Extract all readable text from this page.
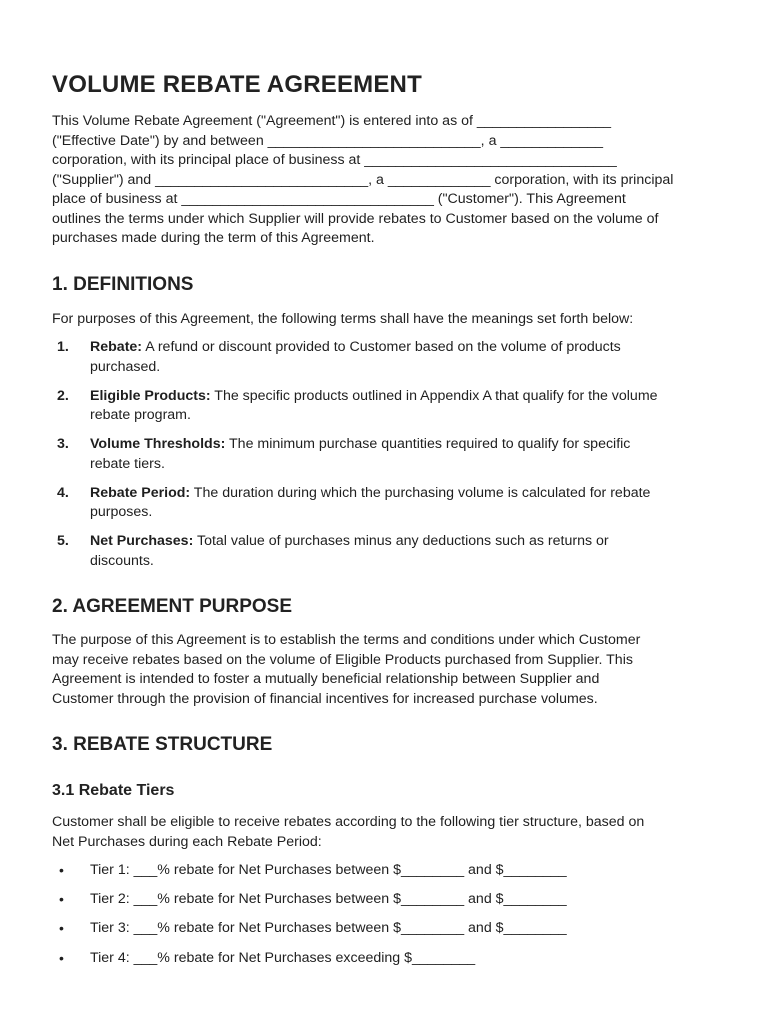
VOLUME REBATE AGREEMENT

This Volume Rebate Agreement ("Agreement") is entered into as of _________________
("Effective Date") by and between ___________________________, a _____________
corporation, with its principal place of business at ________________________________
("Supplier") and ___________________________, a _____________ corporation, with its principal
place of business at ________________________________ ("Customer"). This Agreement
outlines the terms under which Supplier will provide rebates to Customer based on the volume of
purchases made during the term of this Agreement.

1. DEFINITIONS

For purposes of this Agreement, the following terms shall have the meanings set forth below:

1. Rebate: A refund or discount provided to Customer based on the volume of products
purchased.
2. Eligible Products: The specific products outlined in Appendix A that qualify for the volume
rebate program.
3. Volume Thresholds: The minimum purchase quantities required to qualify for specific
rebate tiers.
4. Rebate Period: The duration during which the purchasing volume is calculated for rebate
purposes.
5. Net Purchases: Total value of purchases minus any deductions such as returns or
discounts.
2. AGREEMENT PURPOSE

The purpose of this Agreement is to establish the terms and conditions under which Customer
may receive rebates based on the volume of Eligible Products purchased from Supplier. This
Agreement is intended to foster a mutually beneficial relationship between Supplier and
Customer through the provision of financial incentives for increased purchase volumes.

3. REBATE STRUCTURE
3.1 Rebate Tiers

Customer shall be eligible to receive rebates according to the following tier structure, based on
Net Purchases during each Rebate Period:

• Tier 1: ___% rebate for Net Purchases between $________ and $________
• Tier 2: ___% rebate for Net Purchases between $________ and $________
• Tier 3: ___% rebate for Net Purchases between $________ and $________
• Tier 4: ___% rebate for Net Purchases exceeding $________
